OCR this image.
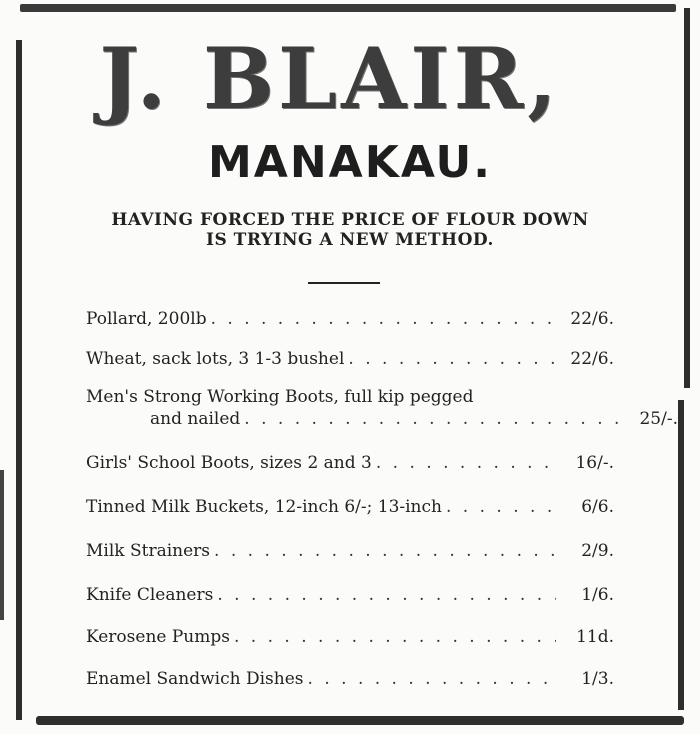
J. BLAIR,
MANAKAU.
HAVING FORCED THE PRICE OF FLOUR DOWN
IS TRYING A NEW METHOD.
Pollard, 200lb . . .	22/6.
Wheat, sack lots, 3 1-3 bushel . . .	22/6.
Men's Strong Working Boots, full kip pegged
and nailed . . .	25/-.
Girls' School Boots, sizes 2 and 3 . . .	16/-.
Tinned Milk Buckets, 12-inch 6/-; 13-inch . . .	6/6.
Milk Strainers . . .	2/9.
Knife Cleaners . . .	1/6.
Kerosene Pumps . . .	11d.
Enamel Sandwich Dishes . . .	1/3.
